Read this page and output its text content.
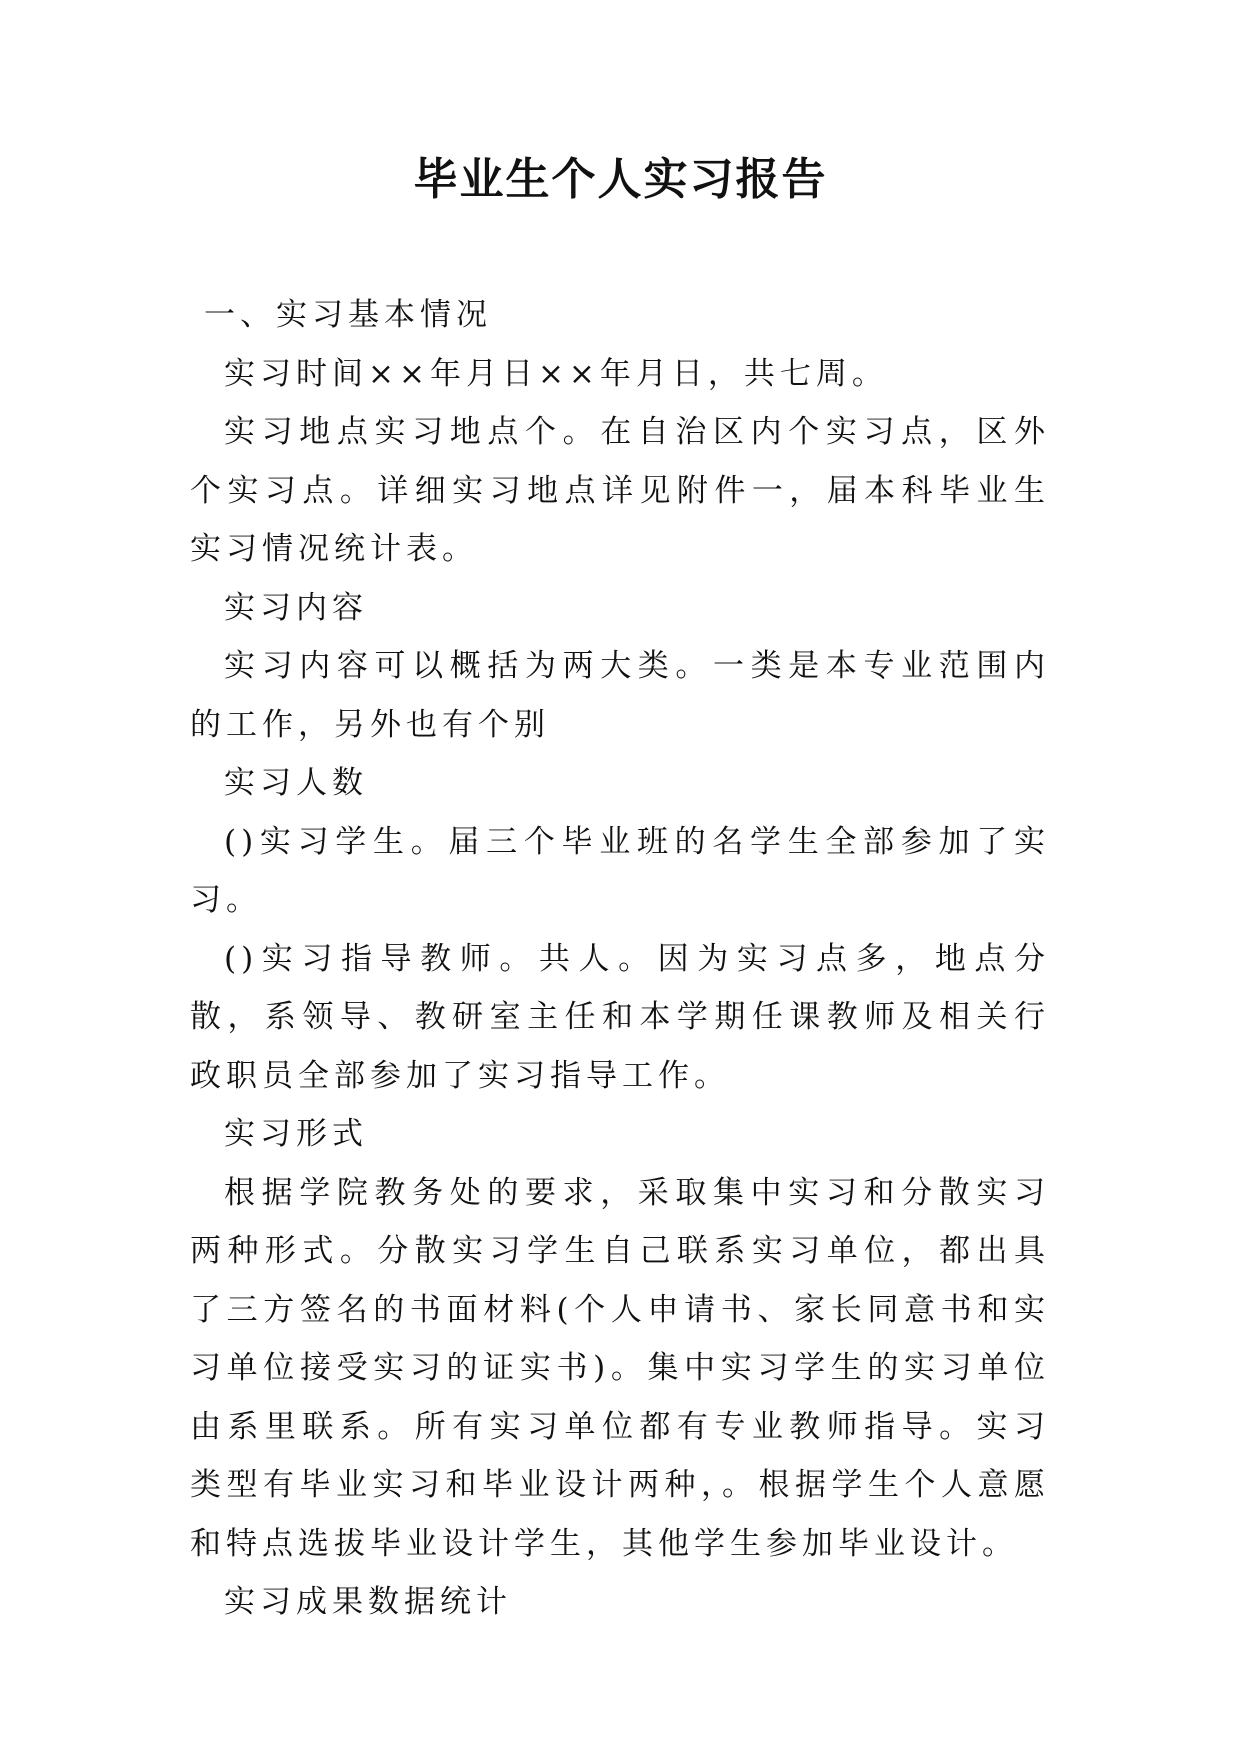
毕业生个人实习报告

一、实习基本情况

实习时间××年月日××年月日，共七周。

实习地点实习地点个。在自治区内个实习点，区外个实习点。详细实习地点详见附件一，届本科毕业生实习情况统计表。

实习内容

实习内容可以概括为两大类。一类是本专业范围内的工作，另外也有个别

实习人数

()实习学生。届三个毕业班的名学生全部参加了实习。

()实习指导教师。共人。因为实习点多，地点分散，系领导、教研室主任和本学期任课教师及相关行政职员全部参加了实习指导工作。

实习形式

根据学院教务处的要求，采取集中实习和分散实习两种形式。分散实习学生自己联系实习单位，都出具了三方签名的书面材料(个人申请书、家长同意书和实习单位接受实习的证实书)。集中实习学生的实习单位由系里联系。所有实习单位都有专业教师指导。实习类型有毕业实习和毕业设计两种，。根据学生个人意愿和特点选拔毕业设计学生，其他学生参加毕业设计。

实习成果数据统计
